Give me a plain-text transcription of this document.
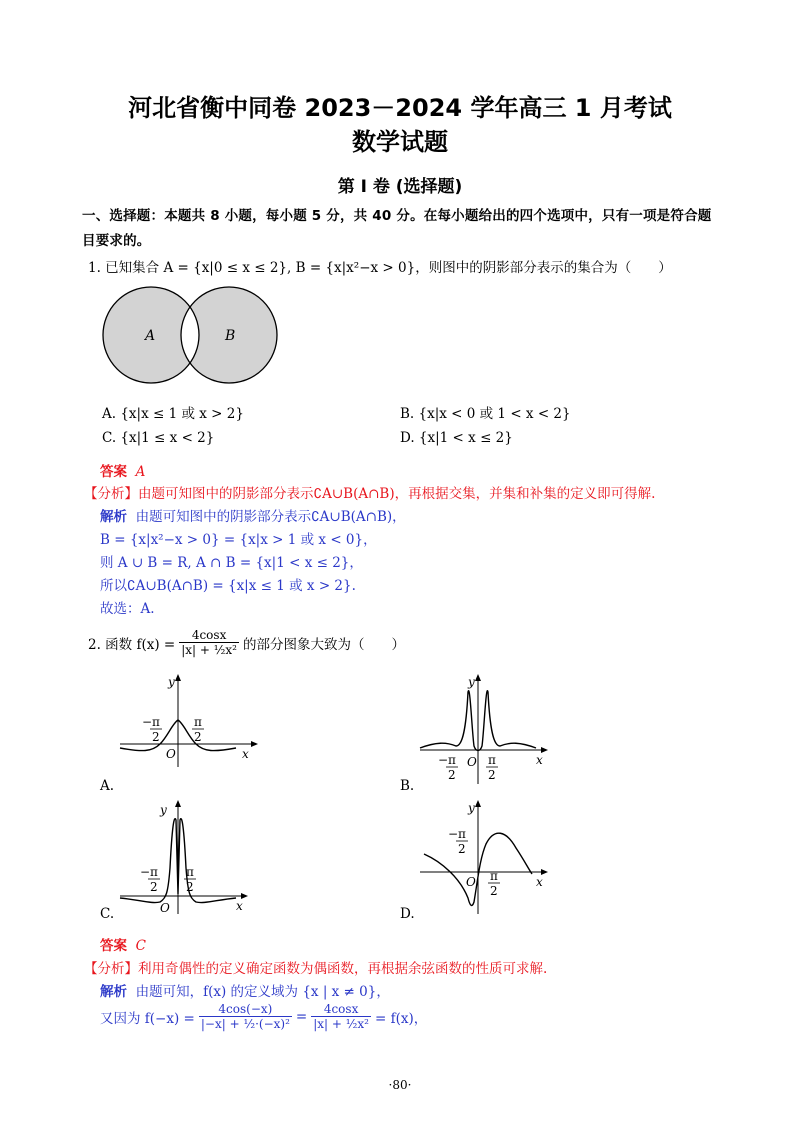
河北省衡中同卷 2023－2024 学年高三 1 月考试
数学试题
第 I 卷 (选择题)
一、选择题：本题共 8 小题，每小题 5 分，共 40 分。在每小题给出的四个选项中，只有一项是符合题目要求的。
1. 已知集合 A = {x|0 ≤ x ≤ 2}, B = {x|x²−x > 0}，则图中的阴影部分表示的集合为（　　）
A	B
A. {x|x ≤ 1 或 x > 2}	B. {x|x < 0 或 1 < x < 2}
C. {x|1 ≤ x < 2}	D. {x|1 < x ≤ 2}
答案 A
【分析】由题可知图中的阴影部分表示∁A∪B(A∩B)，再根据交集，并集和补集的定义即可得解.
解析 由题可知图中的阴影部分表示∁A∪B(A∩B)，
B = {x|x²−x > 0} = {x|x > 1 或 x < 0}，
则 A ∪ B = R, A ∩ B = {x|1 < x ≤ 2}，
所以∁A∪B(A∩B) = {x|x ≤ 1 或 x > 2}.
故选：A.
2. 函数 $f(x) = \frac{4\cos x}{\text{|x| + ½x²}}$ 的部分图象大致为（　　）
y
x
O
−π
2
π
2
A.
y
x
O
−π
2
π
2
B.
y
x
O
−π
2
π
2
C.
y
x
O
−π
2
π
2
D.
答案 C
【分析】利用奇偶性的定义确定函数为偶函数，再根据余弦函数的性质可求解.
解析 由题可知，f(x) 的定义域为 {x | x ≠ 0}，
又因为 $f(-x) = \frac{4\cos(-x)}{\text{|−x| + ½·(−x)²}} = \frac{4\cos x}{\text{|x| + ½x²}} = f(x)$，
·80·
